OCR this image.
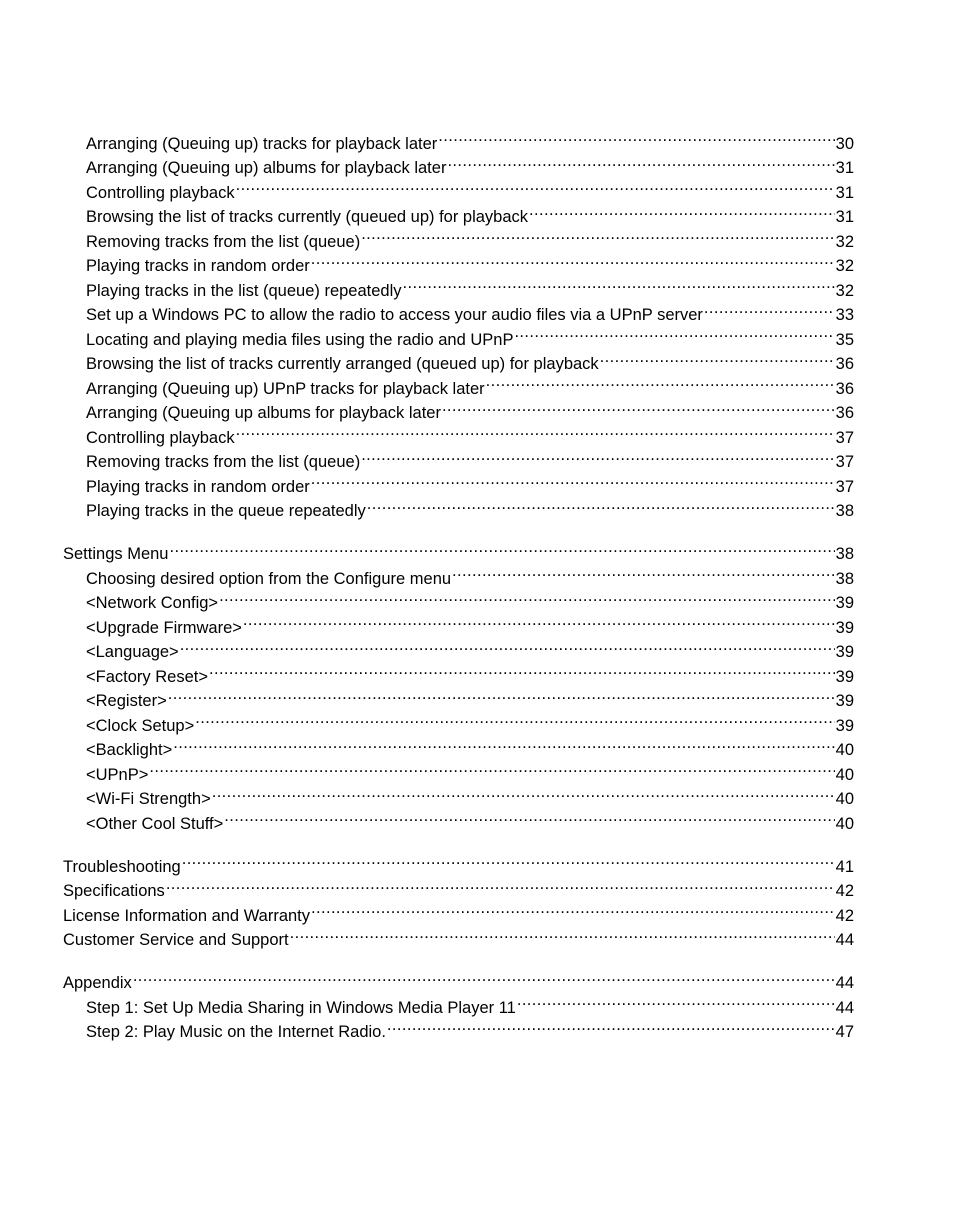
Arranging (Queuing up) tracks for playback later .....	30
Arranging (Queuing up) albums for playback later .....	31
Controlling playback .....	31
Browsing the list of tracks currently (queued up) for playback .....	31
Removing tracks from the list (queue) .....	32
Playing tracks in random order .....	32
Playing tracks in the list (queue) repeatedly .....	32
Set up a Windows PC to allow the radio to access your audio files via a UPnP server .....	33
Locating and playing media files using the radio and UPnP .....	35
Browsing the list of tracks currently arranged (queued up) for playback .....	36
Arranging (Queuing up) UPnP tracks for playback later .....	36
Arranging (Queuing up albums for playback later .....	36
Controlling playback .....	37
Removing tracks from the list (queue) .....	37
Playing tracks in random order .....	37
Playing tracks in the queue repeatedly .....	38
Settings Menu .....	38
Choosing desired option from the Configure menu .....	38
<Network Config> .....	39
<Upgrade Firmware> .....	39
<Language> .....	39
<Factory Reset> .....	39
<Register> .....	39
<Clock Setup> .....	39
<Backlight> .....	40
<UPnP> .....	40
<Wi-Fi Strength> .....	40
<Other Cool Stuff> .....	40
Troubleshooting .....	41
Specifications .....	42
License Information and Warranty .....	42
Customer Service and Support .....	44
Appendix .....	44
Step 1: Set Up Media Sharing in Windows Media Player 11 .....	44
Step 2: Play Music on the Internet Radio. .....	47
